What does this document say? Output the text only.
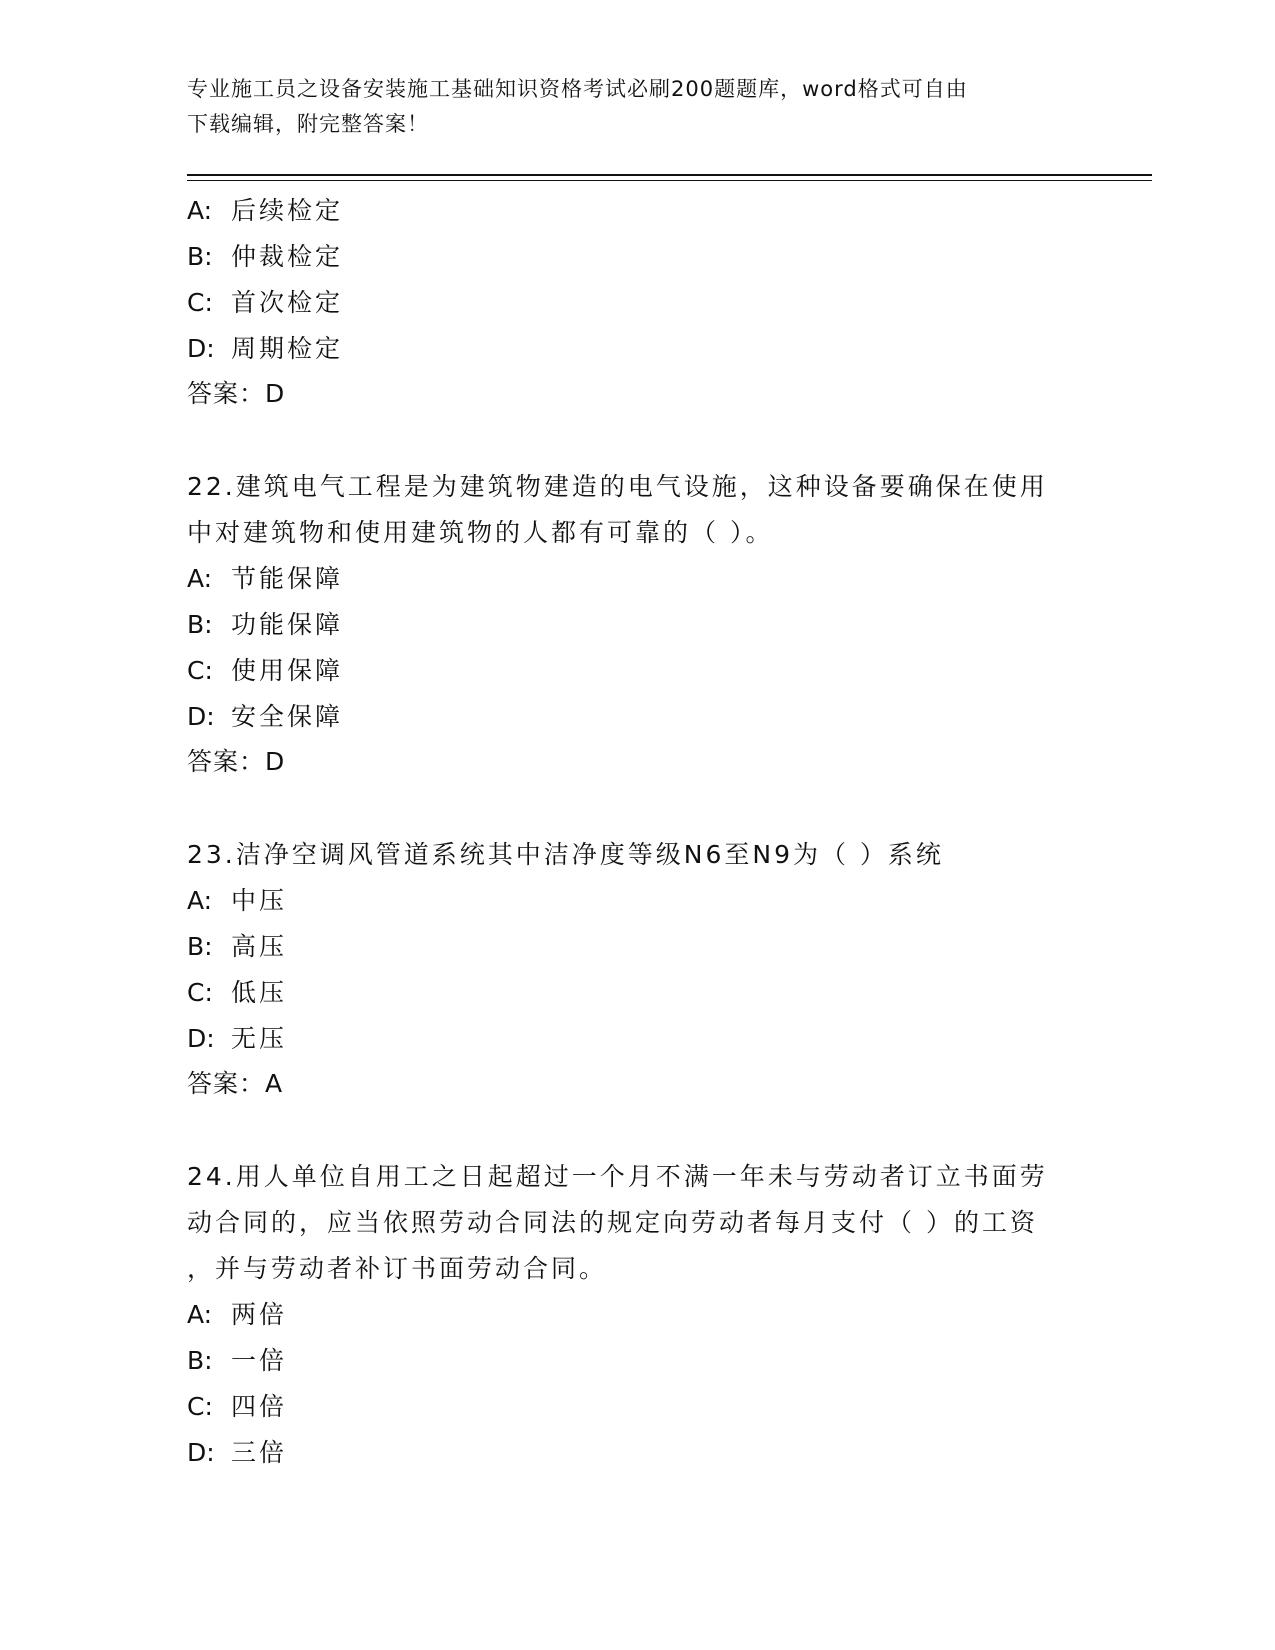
专业施工员之设备安装施工基础知识资格考试必刷200题题库，word格式可自由
下载编辑，附完整答案！
A: 后续检定
B: 仲裁检定
C: 首次检定
D: 周期检定
答案：D
22.建筑电气工程是为建筑物建造的电气设施，这种设备要确保在使用
中对建筑物和使用建筑物的人都有可靠的（ ）。
A: 节能保障
B: 功能保障
C: 使用保障
D: 安全保障
答案：D
23.洁净空调风管道系统其中洁净度等级N6至N9为（ ）系统
A: 中压
B: 高压
C: 低压
D: 无压
答案：A
24.用人单位自用工之日起超过一个月不满一年未与劳动者订立书面劳
动合同的，应当依照劳动合同法的规定向劳动者每月支付（ ）的工资
，并与劳动者补订书面劳动合同。
A: 两倍
B: 一倍
C: 四倍
D: 三倍
